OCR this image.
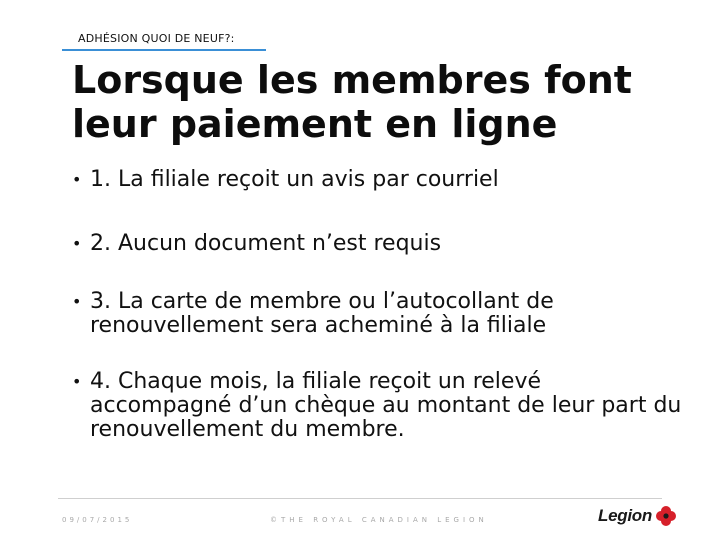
ADHÉSION QUOI DE NEUF?:
Lorsque les membres font leur paiement en ligne
• 1. La filiale reçoit un avis par courriel
• 2. Aucun document n’est requis
• 3. La carte de membre ou l’autocollant de renouvellement sera acheminé à la filiale
• 4. Chaque mois, la filiale reçoit un relevé accompagné d’un chèque au montant de leur part du renouvellement du membre.
09/07/2015	©THE ROYAL CANADIAN LEGION	Legion
